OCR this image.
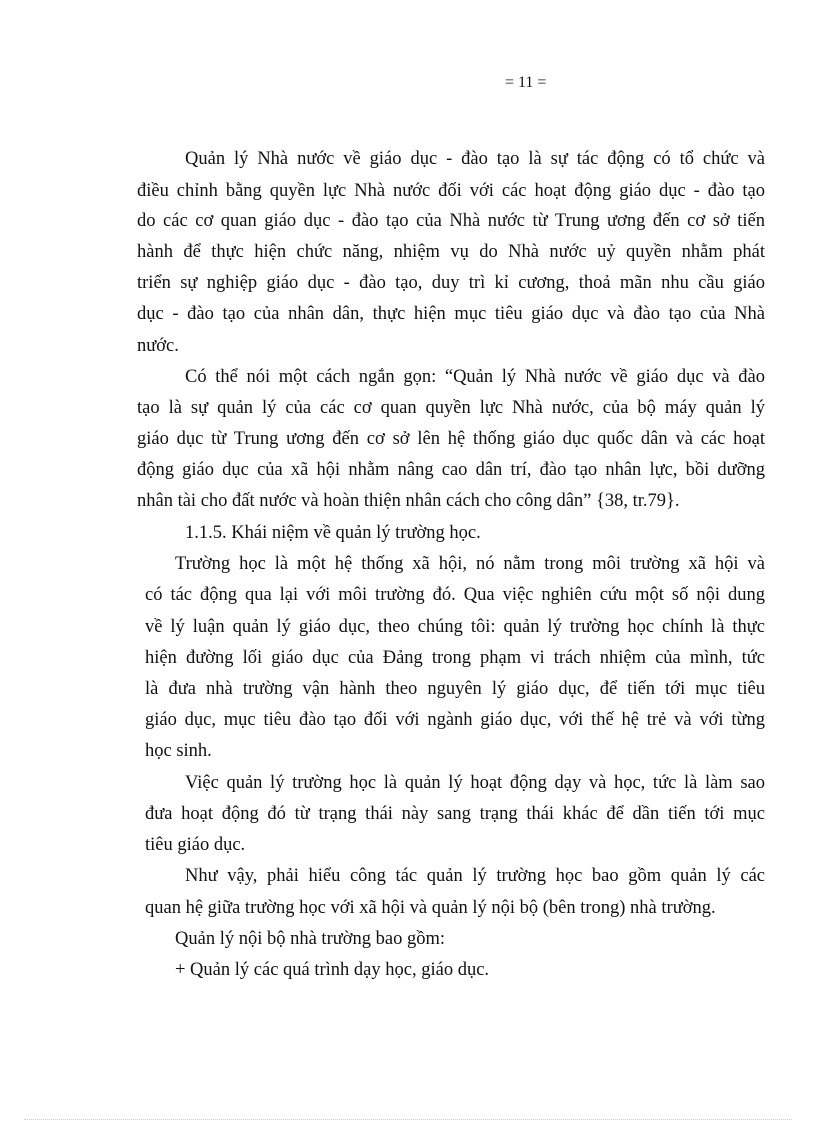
= 11 =
Quản lý Nhà nước về giáo dục - đào tạo là sự tác động có tổ chức và
điều chỉnh bằng quyền lực Nhà nước đối với các hoạt động giáo dục - đào tạo
do các cơ quan giáo dục - đào tạo của Nhà nước từ Trung ương đến cơ sở tiến
hành để thực hiện chức năng, nhiệm vụ do Nhà nước uỷ quyền nhằm phát
triển sự nghiệp giáo dục - đào tạo, duy trì kỉ cương, thoả mãn nhu cầu giáo
dục - đào tạo của nhân dân, thực hiện mục tiêu giáo dục và đào tạo của Nhà
nước.
Có thể nói một cách ngắn gọn: “Quản lý Nhà nước về giáo dục và đào
tạo là sự quản lý của các cơ quan quyền lực Nhà nước, của bộ máy quản lý
giáo dục từ Trung ương đến cơ sở lên hệ thống giáo dục quốc dân và các hoạt
động giáo dục của xã hội nhằm nâng cao dân trí, đào tạo nhân lực, bồi dưỡng
nhân tài cho đất nước và hoàn thiện nhân cách cho công dân” {38, tr.79}.
1.1.5. Khái niệm về quản lý trường học.
Trường học là một hệ thống xã hội, nó nằm trong môi trường xã hội và
có tác động qua lại với môi trường đó. Qua việc nghiên cứu một số nội dung
về lý luận quản lý giáo dục, theo chúng tôi: quản lý trường học chính là thực
hiện đường lối giáo dục của Đảng trong phạm vi trách nhiệm của mình, tức
là đưa nhà trường vận hành theo nguyên lý giáo dục, để tiến tới mục tiêu
giáo dục, mục tiêu đào tạo đối với ngành giáo dục, với thế hệ trẻ và với từng
học sinh.
Việc quản lý trường học là quản lý hoạt động dạy và học, tức là làm sao
đưa hoạt động đó từ trạng thái này sang trạng thái khác để dần tiến tới mục
tiêu giáo dục.
Như vậy, phải hiểu công tác quản lý trường học bao gồm quản lý các
quan hệ giữa trường học với xã hội và quản lý nội bộ (bên trong) nhà trường.
Quản lý nội bộ nhà trường bao gồm:
+ Quản lý các quá trình dạy học, giáo dục.
